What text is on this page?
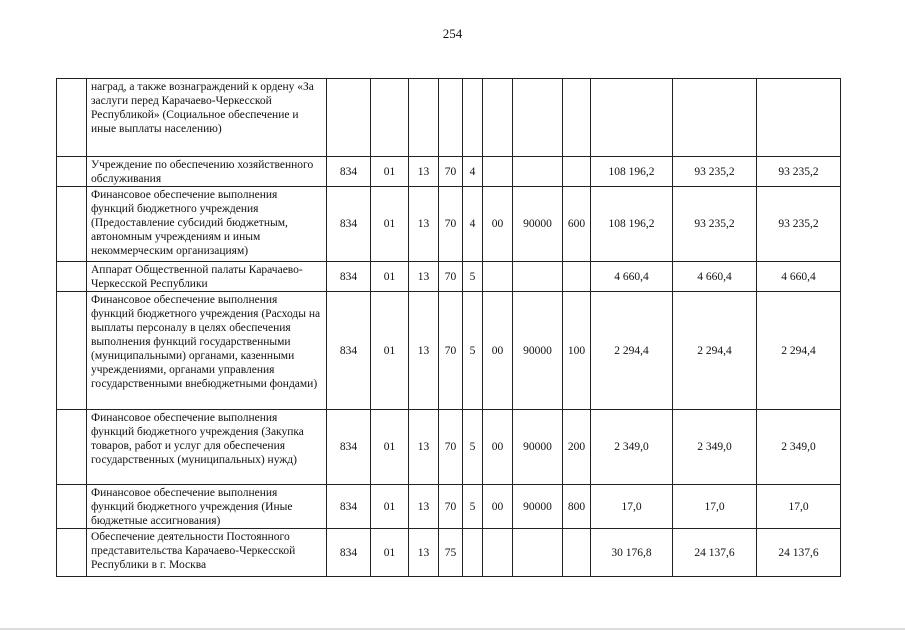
254
	наград, а также вознаграждений к ордену «За заслуги перед Карачаево-Черкесской Республикой» (Социальное обеспечение и иные выплаты населению)											
	Учреждение по обеспечению хозяйственного обслуживания	834	01	13	70	4				108 196,2	93 235,2	93 235,2
	Финансовое обеспечение выполнения функций бюджетного учреждения (Предоставление субсидий бюджетным, автономным учреждениям и иным некоммерческим организациям)	834	01	13	70	4	00	90000	600	108 196,2	93 235,2	93 235,2
	Аппарат Общественной палаты Карачаево-Черкесской Республики	834	01	13	70	5				4 660,4	4 660,4	4 660,4
	Финансовое обеспечение выполнения функций бюджетного учреждения (Расходы на выплаты персоналу в целях обеспечения выполнения функций государственными (муниципальными) органами, казенными учреждениями, органами управления государственными внебюджетными фондами)	834	01	13	70	5	00	90000	100	2 294,4	2 294,4	2 294,4
	Финансовое обеспечение выполнения функций бюджетного учреждения (Закупка товаров, работ и услуг для обеспечения государственных (муниципальных) нужд)	834	01	13	70	5	00	90000	200	2 349,0	2 349,0	2 349,0
	Финансовое обеспечение выполнения функций бюджетного учреждения (Иные бюджетные ассигнования)	834	01	13	70	5	00	90000	800	17,0	17,0	17,0
	Обеспечение деятельности Постоянного представительства Карачаево-Черкесской Республики в г. Москва	834	01	13	75					30 176,8	24 137,6	24 137,6
